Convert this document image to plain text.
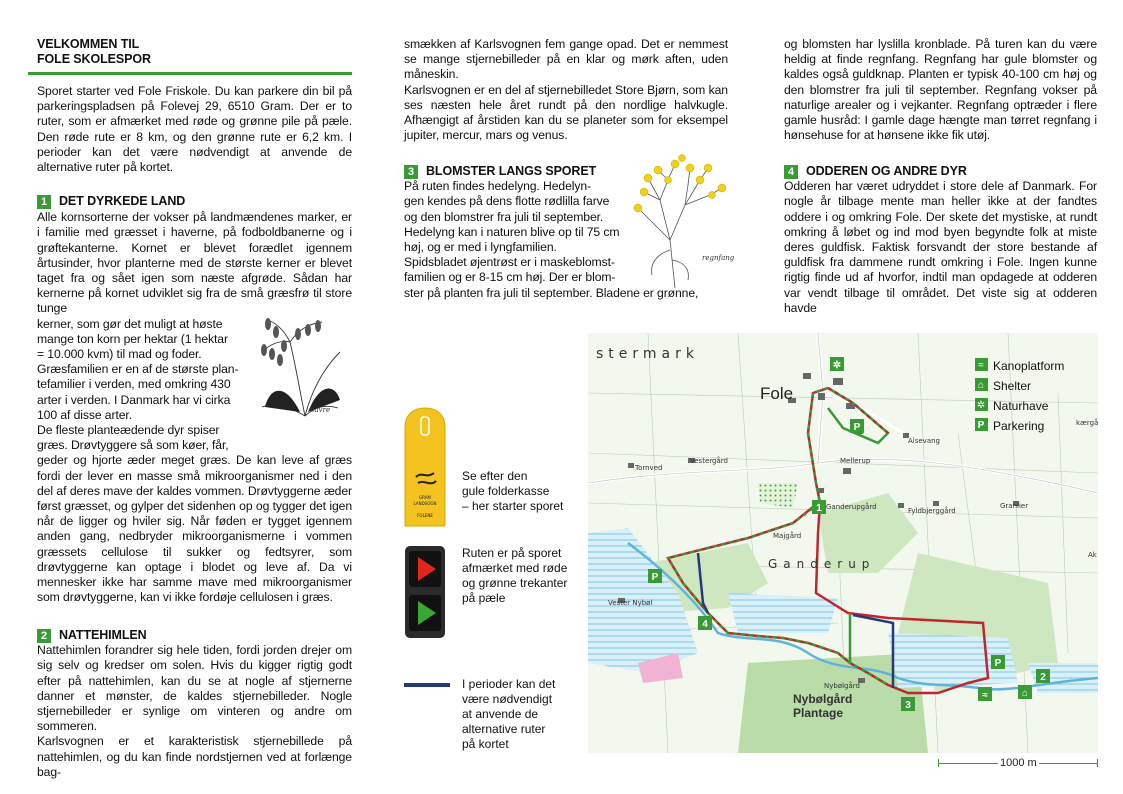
VELKOMMEN TIL
FOLE SKOLESPOR

Sporet starter ved Fole Friskole. Du kan parkere din bil på parkeringspladsen på Folevej 29, 6510 Gram. Der er to ruter, som er afmærket med røde og grønne pile på pæle. Den røde rute er 8 km, og den grønne rute er 6,2 km. I perioder kan det være nødvendigt at anvende de alternative ruter på kortet.

1 DET DYRKEDE LAND

Alle kornsorterne der vokser på landmændenes marker, er i familie med græsset i haverne, på fodboldbanerne og i grøftekanterne. Kornet er blevet forædlet igennem årtusinder, hvor planterne med de største kerner er blevet taget fra og sået igen som næste afgrøde. Sådan har kernerne på kornet udviklet sig fra de små græsfrø til store tunge

kerner, som gør det muligt at høste

mange ton korn per hektar (1 hektar

= 10.000 kvm) til mad og foder.

Græsfamilien er en af de største plan-

tefamilier i verden, med omkring 430

arter i verden. I Danmark har vi cirka

100 af disse arter.

De fleste planteædende dyr spiser

græs. Drøvtyggere så som køer, får,

geder og hjorte æder meget græs. De kan leve af græs fordi der lever en masse små mikroorganismer ned i den del af deres mave der kaldes vommen. Drøvtyggerne æder først græsset, og gylper det sidenhen op og tygger det igen når de ligger og hviler sig. Når føden er tygget igennem anden gang, nedbryder mikroorganismerne i vommen græssets cellulose til sukker og fedtsyrer, som drøvtyggerne kan optage i blodet og leve af. Da vi mennesker ikke har samme mave med mikroorganismer som drøvtyggerne, kan vi ikke fordøje cellulosen i græs.

havre
2 NATTEHIMLEN

Nattehimlen forandrer sig hele tiden, fordi jorden drejer om sig selv og kredser om solen. Hvis du kigger rigtig godt efter på nattehimlen, kan du se at nogle af stjernerne danner et mønster, de kaldes stjernebilleder. Nogle stjernebilleder er synlige om vinteren og andre om sommeren.

Karlsvognen er et karakteristisk stjernebillede på nattehimlen, og du kan finde nordstjernen ved at forlænge bag-

smækken af Karlsvognen fem gange opad. Det er nemmest se mange stjernebilleder på en klar og mørk aften, uden måneskin.

Karlsvognen er en del af stjernebilledet Store Bjørn, som kan ses næsten hele året rundt på den nordlige halvkugle. Afhængigt af årstiden kan du se planeter som for eksempel jupiter, mercur, mars og venus.

3 BLOMSTER LANGS SPORET

På ruten findes hedelyng. Hedelyn-

gen kendes på dens flotte rødlilla farve

og den blomstrer fra juli til september.

Hedelyng kan i naturen blive op til 75 cm

høj, og er med i lyngfamilien.

Spidsbladet øjentrøst er i maskeblomst-

familien og er 8-15 cm høj. Der er blom-

ster på planten fra juli til september. Bladene er grønne,

regnfang

og blomsten har lyslilla kronblade. På turen kan du være heldig at finde regnfang. Regnfang har gule blomster og kaldes også guldknap. Planten er typisk 40-100 cm høj og den blomstrer fra juli til september. Regnfang vokser på naturlige arealer og i vejkanter. Regnfang optræder i flere gamle husråd: I gamle dage hængte man tørret regnfang i hønsehuse for at hønsene ikke fik utøj.

4 ODDEREN OG ANDRE DYR

Odderen har været udryddet i store dele af Danmark. For nogle år tilbage mente man heller ikke at der fandtes oddere i og omkring Fole. Der skete det mystiske, at rundt omkring å løbet og ind mod byen begyndte folk at miste deres guldfisk. Faktisk forsvandt der store bestande af guldfisk fra dammene rundt omkring i Fole. Ingen kunne rigtig finde ud af hvorfor, indtil man opdagede at odderen var vendt tilbage til området. Det viste sig at odderen havde

GRAM
LANDSOGN
FOLENE
Se efter den
gule folderkasse
– her starter sporet
Ruten er på sporet
afmærket med røde
og grønne trekanter
på pæle
I perioder kan det
være nødvendigt
at anvende de
alternative ruter
på kortet
stermark
Fole
Ganderup
Nybølgård
Plantage
Mellerup
Tornved
Vestergård
Ganderupgård	Fyldbjerggård
Granlier
Alsevang
Majgård
Vester Nybøl
Nybølgård
kærgå
Ak
1
2
3
4
P
P
P
✲
≈	⌂
≈ Kanoplatform
⌂ Shelter
✲ Naturhave
P Parkering
1000 m
